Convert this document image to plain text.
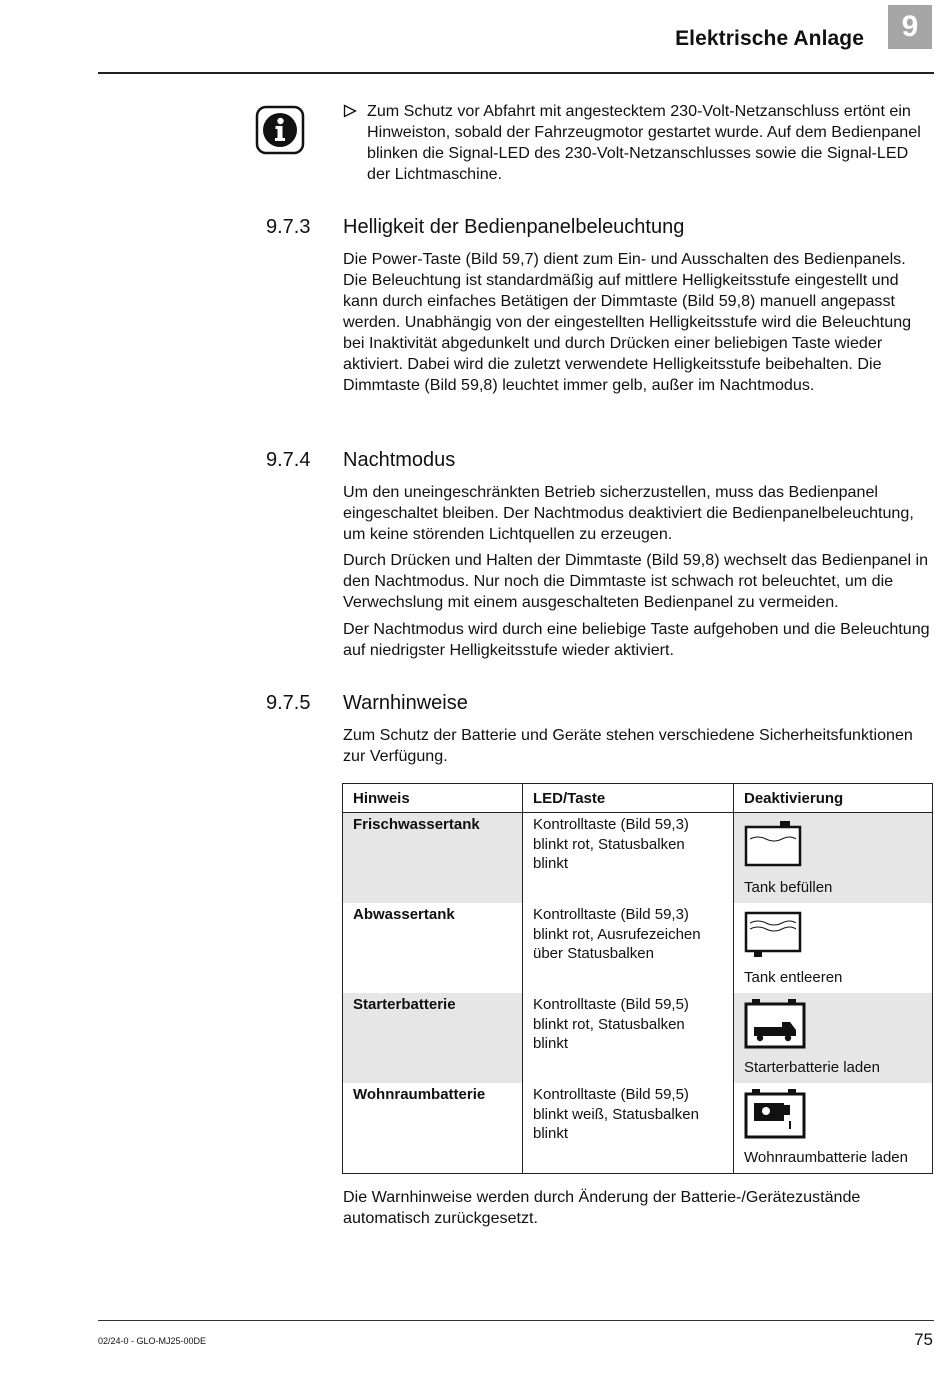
Elektrische Anlage	9
Zum Schutz vor Abfahrt mit angestecktem 230-Volt-Netzanschluss ertönt ein Hinweiston, sobald der Fahrzeugmotor gestartet wurde. Auf dem Bedienpanel blinken die Signal-LED des 230-Volt-Netzanschlusses sowie die Signal-LED der Lichtmaschine.
9.7.3 Helligkeit der Bedienpanelbeleuchtung
Die Power-Taste (Bild 59,7) dient zum Ein- und Ausschalten des Bedienpanels. Die Beleuchtung ist standardmäßig auf mittlere Helligkeitsstufe eingestellt und kann durch einfaches Betätigen der Dimmtaste (Bild 59,8) manuell angepasst werden. Unabhängig von der eingestellten Helligkeitsstufe wird die Beleuchtung bei Inaktivität abgedunkelt und durch Drücken einer beliebigen Taste wieder aktiviert. Dabei wird die zuletzt verwendete Helligkeitsstufe beibehalten. Die Dimmtaste (Bild 59,8) leuchtet immer gelb, außer im Nachtmodus.
9.7.4 Nachtmodus
Um den uneingeschränkten Betrieb sicherzustellen, muss das Bedienpanel eingeschaltet bleiben. Der Nachtmodus deaktiviert die Bedienpanelbeleuchtung, um keine störenden Lichtquellen zu erzeugen.
Durch Drücken und Halten der Dimmtaste (Bild 59,8) wechselt das Bedienpanel in den Nachtmodus. Nur noch die Dimmtaste ist schwach rot beleuchtet, um die Verwechslung mit einem ausgeschalteten Bedienpanel zu vermeiden.
Der Nachtmodus wird durch eine beliebige Taste aufgehoben und die Beleuchtung auf niedrigster Helligkeitsstufe wieder aktiviert.
9.7.5 Warnhinweise
Zum Schutz der Batterie und Geräte stehen verschiedene Sicherheitsfunktionen zur Verfügung.
Hinweis	LED/Taste	Deaktivierung
Frischwassertank	Kontrolltaste (Bild 59,3)
blinkt rot, Statusbalken
blinkt	Tank befüllen

Abwassertank	Kontrolltaste (Bild 59,3)
blinkt rot, Ausrufezeichen
über Statusbalken	Tank entleeren

Starterbatterie	Kontrolltaste (Bild 59,5)
blinkt rot, Statusbalken
blinkt	Starterbatterie laden

Wohnraumbatterie	Kontrolltaste (Bild 59,5)
blinkt weiß, Statusbalken
blinkt	Wohnraumbatterie laden
Die Warnhinweise werden durch Änderung der Batterie-/Gerätezustände automatisch zurückgesetzt.
02/24-0 - GLO-MJ25-00DE	75
